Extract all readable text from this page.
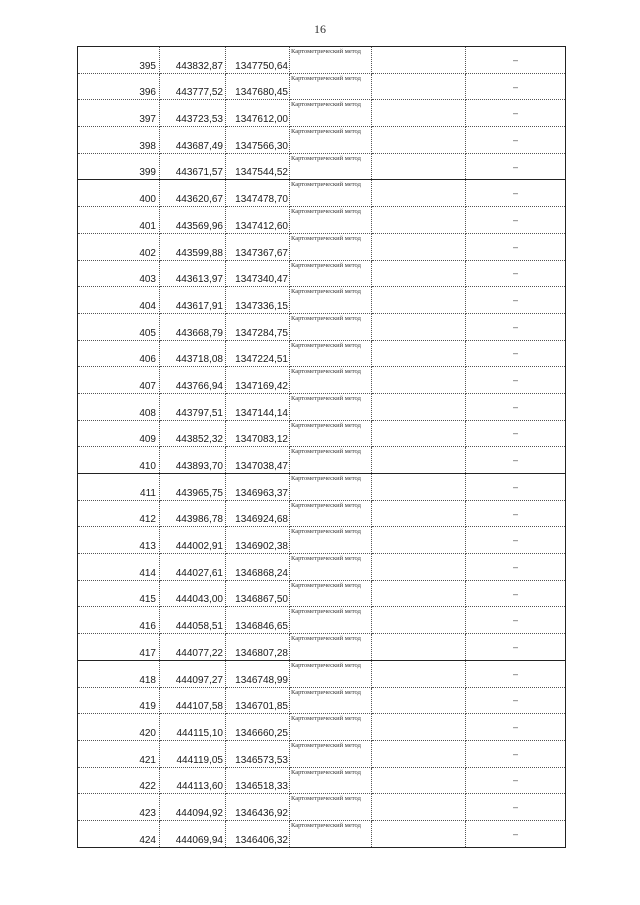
16
395	443832,87	1347750,64	Картометрический метод		–
396	443777,52	1347680,45	Картометрический метод		–
397	443723,53	1347612,00	Картометрический метод		–
398	443687,49	1347566,30	Картометрический метод		–
399	443671,57	1347544,52	Картометрический метод		–
400	443620,67	1347478,70	Картометрический метод		–
401	443569,96	1347412,60	Картометрический метод		–
402	443599,88	1347367,67	Картометрический метод		–
403	443613,97	1347340,47	Картометрический метод		–
404	443617,91	1347336,15	Картометрический метод		–
405	443668,79	1347284,75	Картометрический метод		–
406	443718,08	1347224,51	Картометрический метод		–
407	443766,94	1347169,42	Картометрический метод		–
408	443797,51	1347144,14	Картометрический метод		–
409	443852,32	1347083,12	Картометрический метод		–
410	443893,70	1347038,47	Картометрический метод		–
411	443965,75	1346963,37	Картометрический метод		–
412	443986,78	1346924,68	Картометрический метод		–
413	444002,91	1346902,38	Картометрический метод		–
414	444027,61	1346868,24	Картометрический метод		–
415	444043,00	1346867,50	Картометрический метод		–
416	444058,51	1346846,65	Картометрический метод		–
417	444077,22	1346807,28	Картометрический метод		–
418	444097,27	1346748,99	Картометрический метод		–
419	444107,58	1346701,85	Картометрический метод		–
420	444115,10	1346660,25	Картометрический метод		–
421	444119,05	1346573,53	Картометрический метод		–
422	444113,60	1346518,33	Картометрический метод		–
423	444094,92	1346436,92	Картометрический метод		–
424	444069,94	1346406,32	Картометрический метод		–
